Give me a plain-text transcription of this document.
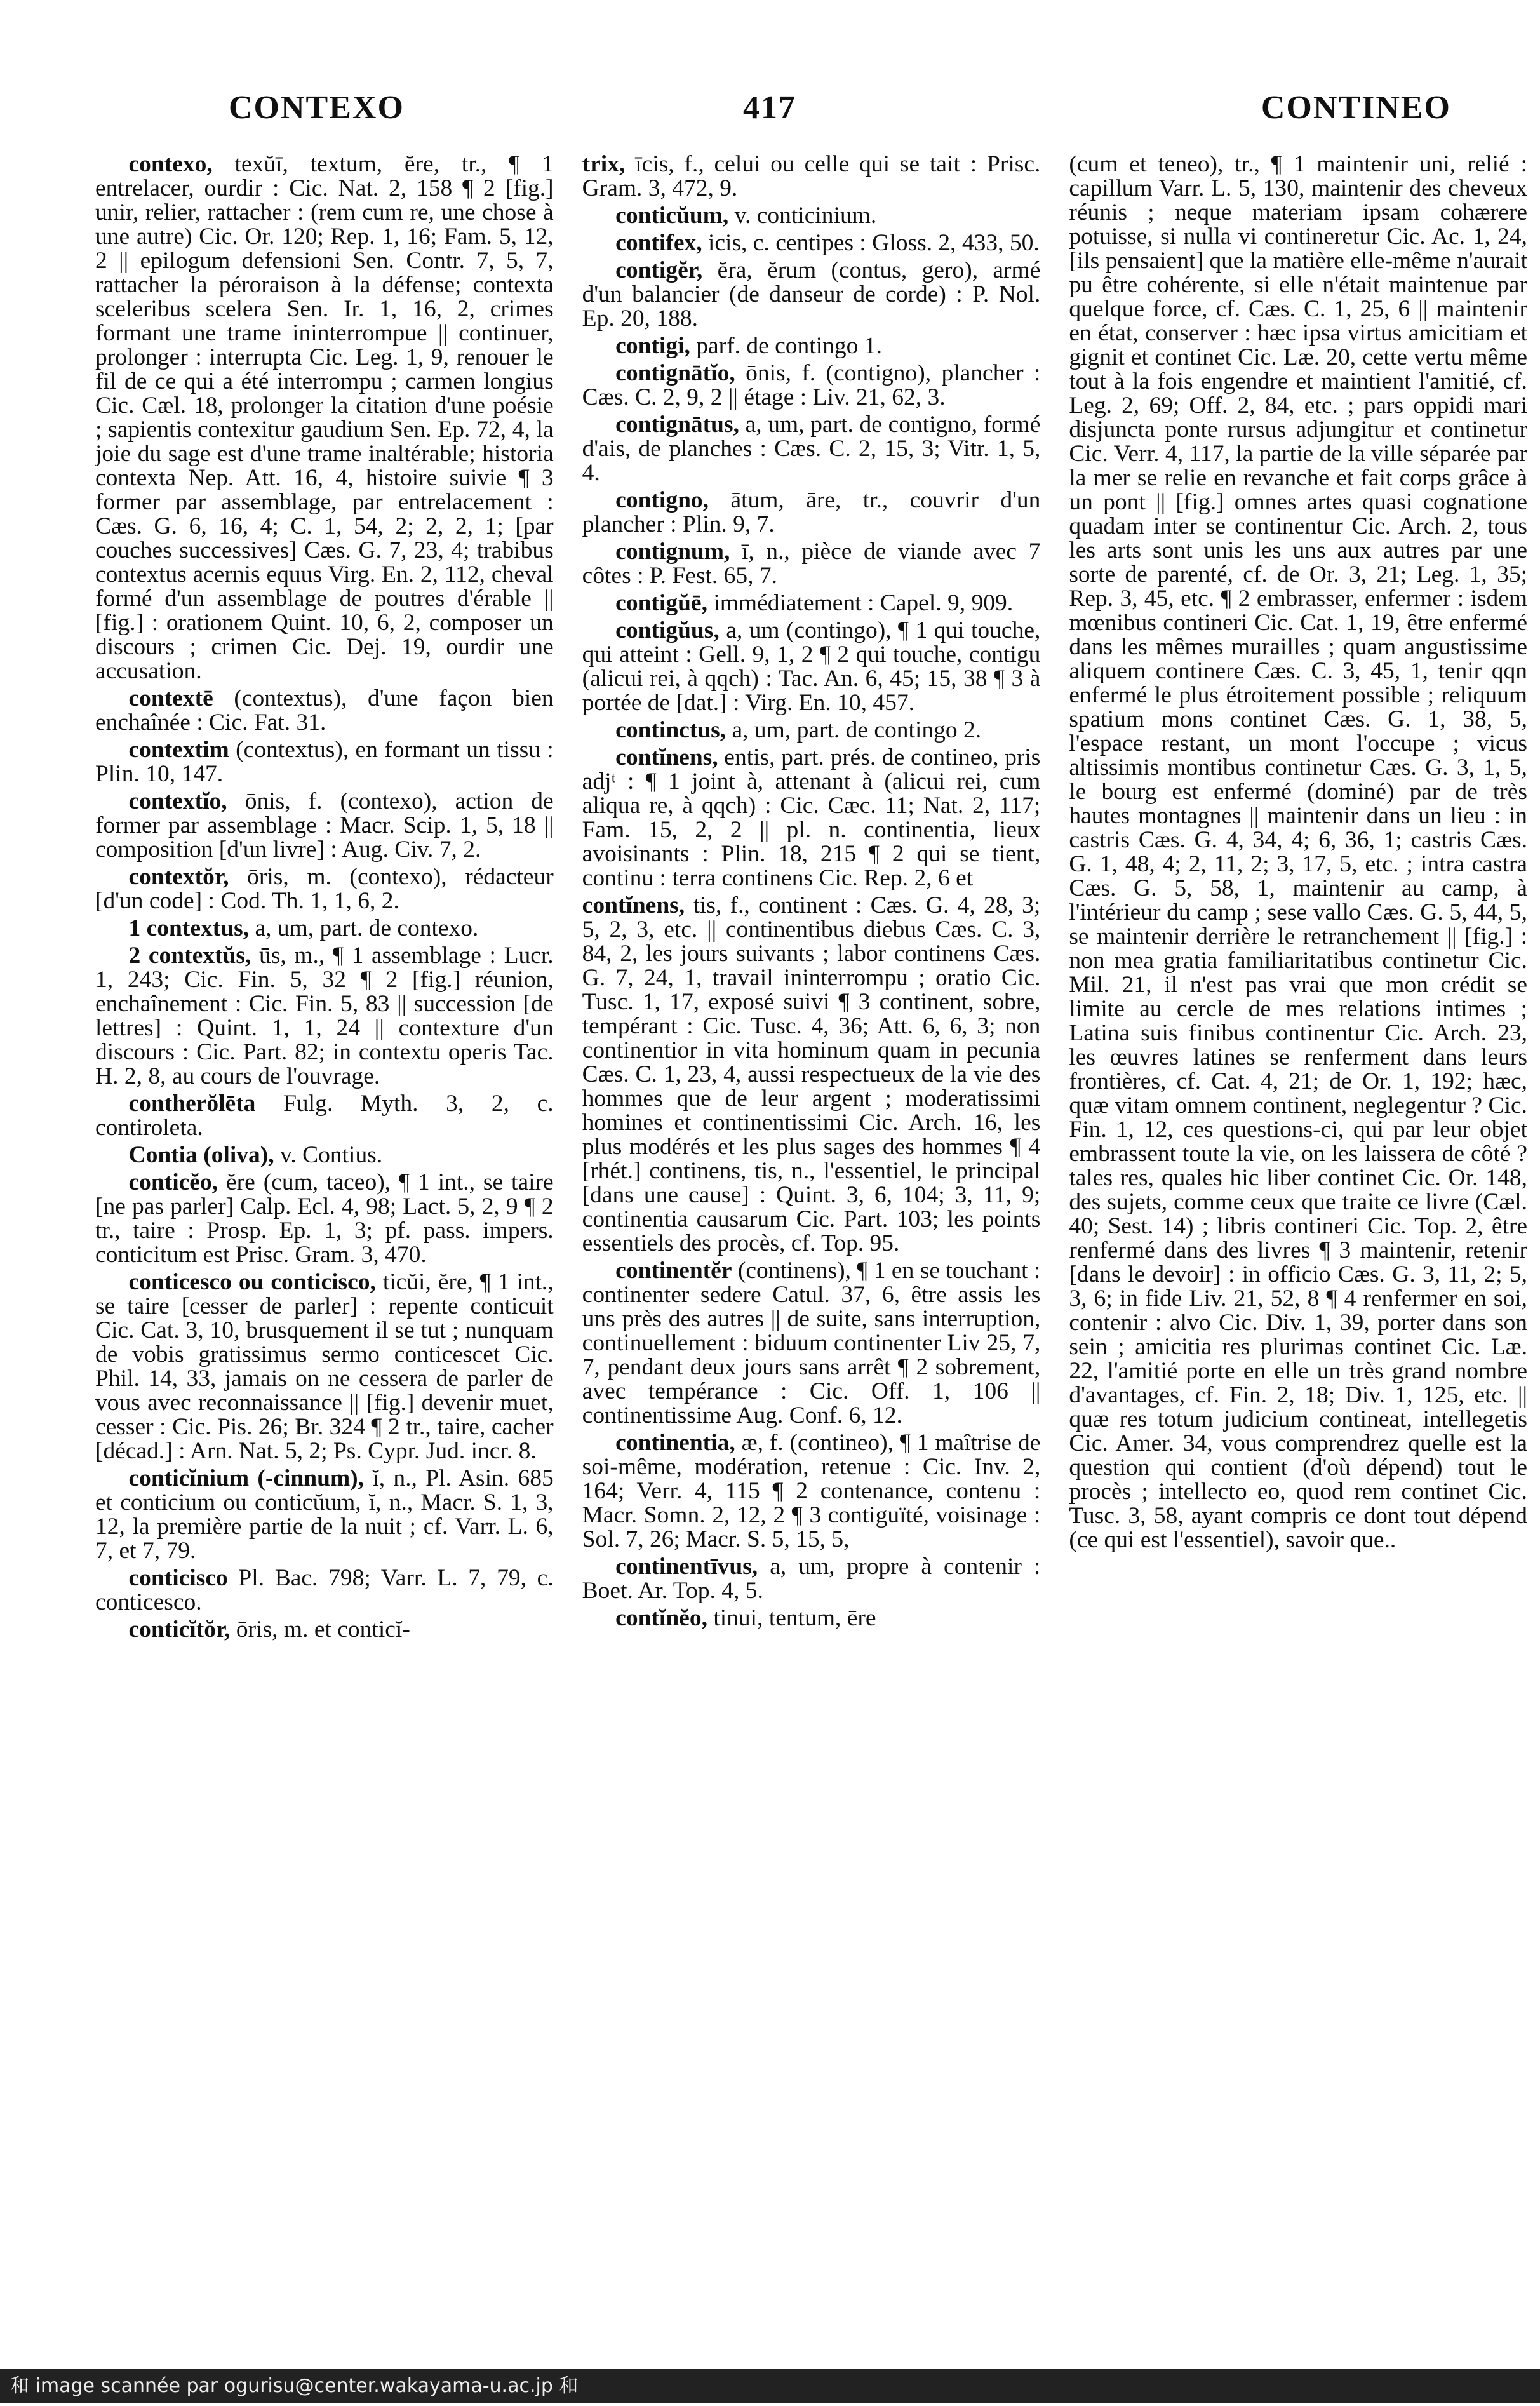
CONTEXO	417	CONTINEO

contexo, texŭī, textum, ĕre, tr., ¶ 1 entrelacer, ourdir : Cic. Nat. 2, 158 ¶ 2 [fig.] unir, relier, rattacher : (rem cum re, une chose à une autre) Cic. Or. 120; Rep. 1, 16; Fam. 5, 12, 2 || epilogum defensioni Sen. Contr. 7, 5, 7, rattacher la péroraison à la défense; contexta sceleribus scelera Sen. Ir. 1, 16, 2, crimes formant une trame ininterrompue || continuer, prolonger : interrupta Cic. Leg. 1, 9, renouer le fil de ce qui a été interrompu ; carmen longius Cic. Cæl. 18, prolonger la citation d'une poésie ; sapientis contexitur gaudium Sen. Ep. 72, 4, la joie du sage est d'une trame inaltérable; historia contexta Nep. Att. 16, 4, histoire suivie ¶ 3 former par assemblage, par entrelacement : Cæs. G. 6, 16, 4; C. 1, 54, 2; 2, 2, 1; [par couches successives] Cæs. G. 7, 23, 4; trabibus contextus acernis equus Virg. En. 2, 112, cheval formé d'un assemblage de poutres d'érable || [fig.] : orationem Quint. 10, 6, 2, composer un discours ; crimen Cic. Dej. 19, ourdir une accusation.

contextē (contextus), d'une façon bien enchaînée : Cic. Fat. 31.

contextim (contextus), en formant un tissu : Plin. 10, 147.

contextĭo, ōnis, f. (contexo), action de former par assemblage : Macr. Scip. 1, 5, 18 || composition [d'un livre] : Aug. Civ. 7, 2.

contextŏr, ōris, m. (contexo), rédacteur [d'un code] : Cod. Th. 1, 1, 6, 2.

1 contextus, a, um, part. de contexo.

2 contextŭs, ūs, m., ¶ 1 assemblage : Lucr. 1, 243; Cic. Fin. 5, 32 ¶ 2 [fig.] réunion, enchaînement : Cic. Fin. 5, 83 || succession [de lettres] : Quint. 1, 1, 24 || contexture d'un discours : Cic. Part. 82; in contextu operis Tac. H. 2, 8, au cours de l'ouvrage.

contherŏlēta Fulg. Myth. 3, 2, c. contiroleta.

Contia (oliva), v. Contius.

conticĕo, ĕre (cum, taceo), ¶ 1 int., se taire [ne pas parler] Calp. Ecl. 4, 98; Lact. 5, 2, 9 ¶ 2 tr., taire : Prosp. Ep. 1, 3; pf. pass. impers. conticitum est Prisc. Gram. 3, 470.

conticesco ou conticisco, ticŭi, ĕre, ¶ 1 int., se taire [cesser de parler] : repente conticuit Cic. Cat. 3, 10, brusquement il se tut ; nunquam de vobis gratissimus sermo conticescet Cic. Phil. 14, 33, jamais on ne cessera de parler de vous avec reconnaissance || [fig.] devenir muet, cesser : Cic. Pis. 26; Br. 324 ¶ 2 tr., taire, cacher [décad.] : Arn. Nat. 5, 2; Ps. Cypr. Jud. incr. 8.

conticĭnium (-cinnum), ĭ, n., Pl. Asin. 685 et conticium ou conticŭum, ĭ, n., Macr. S. 1, 3, 12, la première partie de la nuit ; cf. Varr. L. 6, 7, et 7, 79.

conticisco Pl. Bac. 798; Varr. L. 7, 79, c. conticesco.

conticĭtŏr, ōris, m. et conticĭ-

trix, īcis, f., celui ou celle qui se tait : Prisc. Gram. 3, 472, 9.

conticŭum, v. conticinium.

contifex, icis, c. centipes : Gloss. 2, 433, 50.

contigĕr, ĕra, ĕrum (contus, gero), armé d'un balancier (de danseur de corde) : P. Nol. Ep. 20, 188.

contigi, parf. de contingo 1.

contignātĭo, ōnis, f. (contigno), plancher : Cæs. C. 2, 9, 2 || étage : Liv. 21, 62, 3.

contignātus, a, um, part. de contigno, formé d'ais, de planches : Cæs. C. 2, 15, 3; Vitr. 1, 5, 4.

contigno, ātum, āre, tr., couvrir d'un plancher : Plin. 9, 7.

contignum, ī, n., pièce de viande avec 7 côtes : P. Fest. 65, 7.

contigŭē, immédiatement : Capel. 9, 909.

contigŭus, a, um (contingo), ¶ 1 qui touche, qui atteint : Gell. 9, 1, 2 ¶ 2 qui touche, contigu (alicui rei, à qqch) : Tac. An. 6, 45; 15, 38 ¶ 3 à portée de [dat.] : Virg. En. 10, 457.

continctus, a, um, part. de contingo 2.

contĭnens, entis, part. prés. de contineo, pris adjᵗ : ¶ 1 joint à, attenant à (alicui rei, cum aliqua re, à qqch) : Cic. Cæc. 11; Nat. 2, 117; Fam. 15, 2, 2 || pl. n. continentia, lieux avoisinants : Plin. 18, 215 ¶ 2 qui se tient, continu : terra continens Cic. Rep. 2, 6 et

contĭnens, tis, f., continent : Cæs. G. 4, 28, 3; 5, 2, 3, etc. || continentibus diebus Cæs. C. 3, 84, 2, les jours suivants ; labor continens Cæs. G. 7, 24, 1, travail ininterrompu ; oratio Cic. Tusc. 1, 17, exposé suivi ¶ 3 continent, sobre, tempérant : Cic. Tusc. 4, 36; Att. 6, 6, 3; non continentior in vita hominum quam in pecunia Cæs. C. 1, 23, 4, aussi respectueux de la vie des hommes que de leur argent ; moderatissimi homines et continentissimi Cic. Arch. 16, les plus modérés et les plus sages des hommes ¶ 4 [rhét.] continens, tis, n., l'essentiel, le principal [dans une cause] : Quint. 3, 6, 104; 3, 11, 9; continentia causarum Cic. Part. 103; les points essentiels des procès, cf. Top. 95.

continentĕr (continens), ¶ 1 en se touchant : continenter sedere Catul. 37, 6, être assis les uns près des autres || de suite, sans interruption, continuellement : biduum continenter Liv 25, 7, 7, pendant deux jours sans arrêt ¶ 2 sobrement, avec tempérance : Cic. Off. 1, 106 || continentissime Aug. Conf. 6, 12.

continentia, æ, f. (contineo), ¶ 1 maîtrise de soi-même, modération, retenue : Cic. Inv. 2, 164; Verr. 4, 115 ¶ 2 contenance, contenu : Macr. Somn. 2, 12, 2 ¶ 3 contiguïté, voisinage : Sol. 7, 26; Macr. S. 5, 15, 5,

continentīvus, a, um, propre à contenir : Boet. Ar. Top. 4, 5.

contĭnĕo, tinui, tentum, ēre

(cum et teneo), tr., ¶ 1 maintenir uni, relié : capillum Varr. L. 5, 130, maintenir des cheveux réunis ; neque materiam ipsam cohærere potuisse, si nulla vi contineretur Cic. Ac. 1, 24, [ils pensaient] que la matière elle-même n'aurait pu être cohérente, si elle n'était maintenue par quelque force, cf. Cæs. C. 1, 25, 6 || maintenir en état, conserver : hæc ipsa virtus amicitiam et gignit et continet Cic. Læ. 20, cette vertu même tout à la fois engendre et maintient l'amitié, cf. Leg. 2, 69; Off. 2, 84, etc. ; pars oppidi mari disjuncta ponte rursus adjungitur et continetur Cic. Verr. 4, 117, la partie de la ville séparée par la mer se relie en revanche et fait corps grâce à un pont || [fig.] omnes artes quasi cognatione quadam inter se continentur Cic. Arch. 2, tous les arts sont unis les uns aux autres par une sorte de parenté, cf. de Or. 3, 21; Leg. 1, 35; Rep. 3, 45, etc. ¶ 2 embrasser, enfermer : isdem mœnibus contineri Cic. Cat. 1, 19, être enfermé dans les mêmes murailles ; quam angustissime aliquem continere Cæs. C. 3, 45, 1, tenir qqn enfermé le plus étroitement possible ; reliquum spatium mons continet Cæs. G. 1, 38, 5, l'espace restant, un mont l'occupe ; vicus altissimis montibus continetur Cæs. G. 3, 1, 5, le bourg est enfermé (dominé) par de très hautes montagnes || maintenir dans un lieu : in castris Cæs. G. 4, 34, 4; 6, 36, 1; castris Cæs. G. 1, 48, 4; 2, 11, 2; 3, 17, 5, etc. ; intra castra Cæs. G. 5, 58, 1, maintenir au camp, à l'intérieur du camp ; sese vallo Cæs. G. 5, 44, 5, se maintenir derrière le retranchement || [fig.] : non mea gratia familiaritatibus continetur Cic. Mil. 21, il n'est pas vrai que mon crédit se limite au cercle de mes relations intimes ; Latina suis finibus continentur Cic. Arch. 23, les œuvres latines se renferment dans leurs frontières, cf. Cat. 4, 21; de Or. 1, 192; hæc, quæ vitam omnem continent, neglegentur ? Cic. Fin. 1, 12, ces questions-ci, qui par leur objet embrassent toute la vie, on les laissera de côté ? tales res, quales hic liber continet Cic. Or. 148, des sujets, comme ceux que traite ce livre (Cæl. 40; Sest. 14) ; libris contineri Cic. Top. 2, être renfermé dans des livres ¶ 3 maintenir, retenir [dans le devoir] : in officio Cæs. G. 3, 11, 2; 5, 3, 6; in fide Liv. 21, 52, 8 ¶ 4 renfermer en soi, contenir : alvo Cic. Div. 1, 39, porter dans son sein ; amicitia res plurimas continet Cic. Læ. 22, l'amitié porte en elle un très grand nombre d'avantages, cf. Fin. 2, 18; Div. 1, 125, etc. || quæ res totum judicium contineat, intellegetis Cic. Amer. 34, vous comprendrez quelle est la question qui contient (d'où dépend) tout le procès ; intellecto eo, quod rem continet Cic. Tusc. 3, 58, ayant compris ce dont tout dépend (ce qui est l'essentiel), savoir que..

和 image scannée par ogurisu@center.wakayama-u.ac.jp 和
